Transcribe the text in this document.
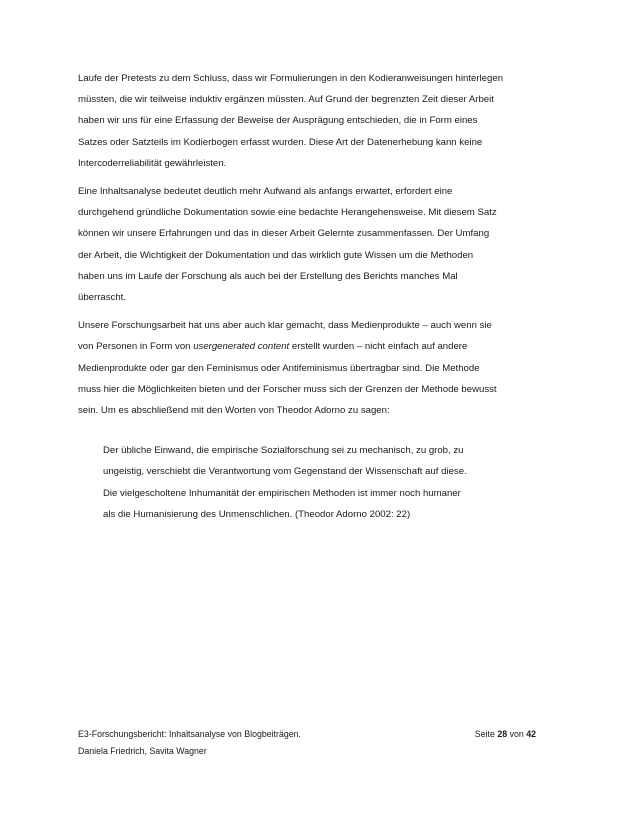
Laufe der Pretests zu dem Schluss, dass wir Formulierungen in den Kodieranweisungen hinterlegen
müssten, die wir teilweise induktiv ergänzen müssten. Auf Grund der begrenzten Zeit dieser Arbeit
haben wir uns für eine Erfassung der Beweise der Ausprägung entschieden, die in Form eines
Satzes oder Satzteils im Kodierbogen erfasst wurden. Diese Art der Datenerhebung kann keine
Intercoderreliabilität gewährleisten.

Eine Inhaltsanalyse bedeutet deutlich mehr Aufwand als anfangs erwartet, erfordert eine
durchgehend gründliche Dokumentation sowie eine bedachte Herangehensweise. Mit diesem Satz
können wir unsere Erfahrungen und das in dieser Arbeit Gelernte zusammenfassen. Der Umfang
der Arbeit, die Wichtigkeit der Dokumentation und das wirklich gute Wissen um die Methoden
haben uns im Laufe der Forschung als auch bei der Erstellung des Berichts manches Mal
überrascht.

Unsere Forschungsarbeit hat uns aber auch klar gemacht, dass Medienprodukte – auch wenn sie
von Personen in Form von usergenerated content erstellt wurden – nicht einfach auf andere
Medienprodukte oder gar den Feminismus oder Antifeminismus übertragbar sind. Die Methode
muss hier die Möglichkeiten bieten und der Forscher muss sich der Grenzen der Methode bewusst
sein. Um es abschließend mit den Worten von Theodor Adorno zu sagen:

Der übliche Einwand, die empirische Sozialforschung sei zu mechanisch, zu grob, zu
ungeistig, verschiebt die Verantwortung vom Gegenstand der Wissenschaft auf diese.
Die vielgescholtene Inhumanität der empirischen Methoden ist immer noch humaner
als die Humanisierung des Unmenschlichen. (Theodor Adorno 2002: 22)
E3-Forschungsbericht: Inhaltsanalyse von Blogbeiträgen.	Seite 28 von 42
Daniela Friedrich, Savita Wagner
